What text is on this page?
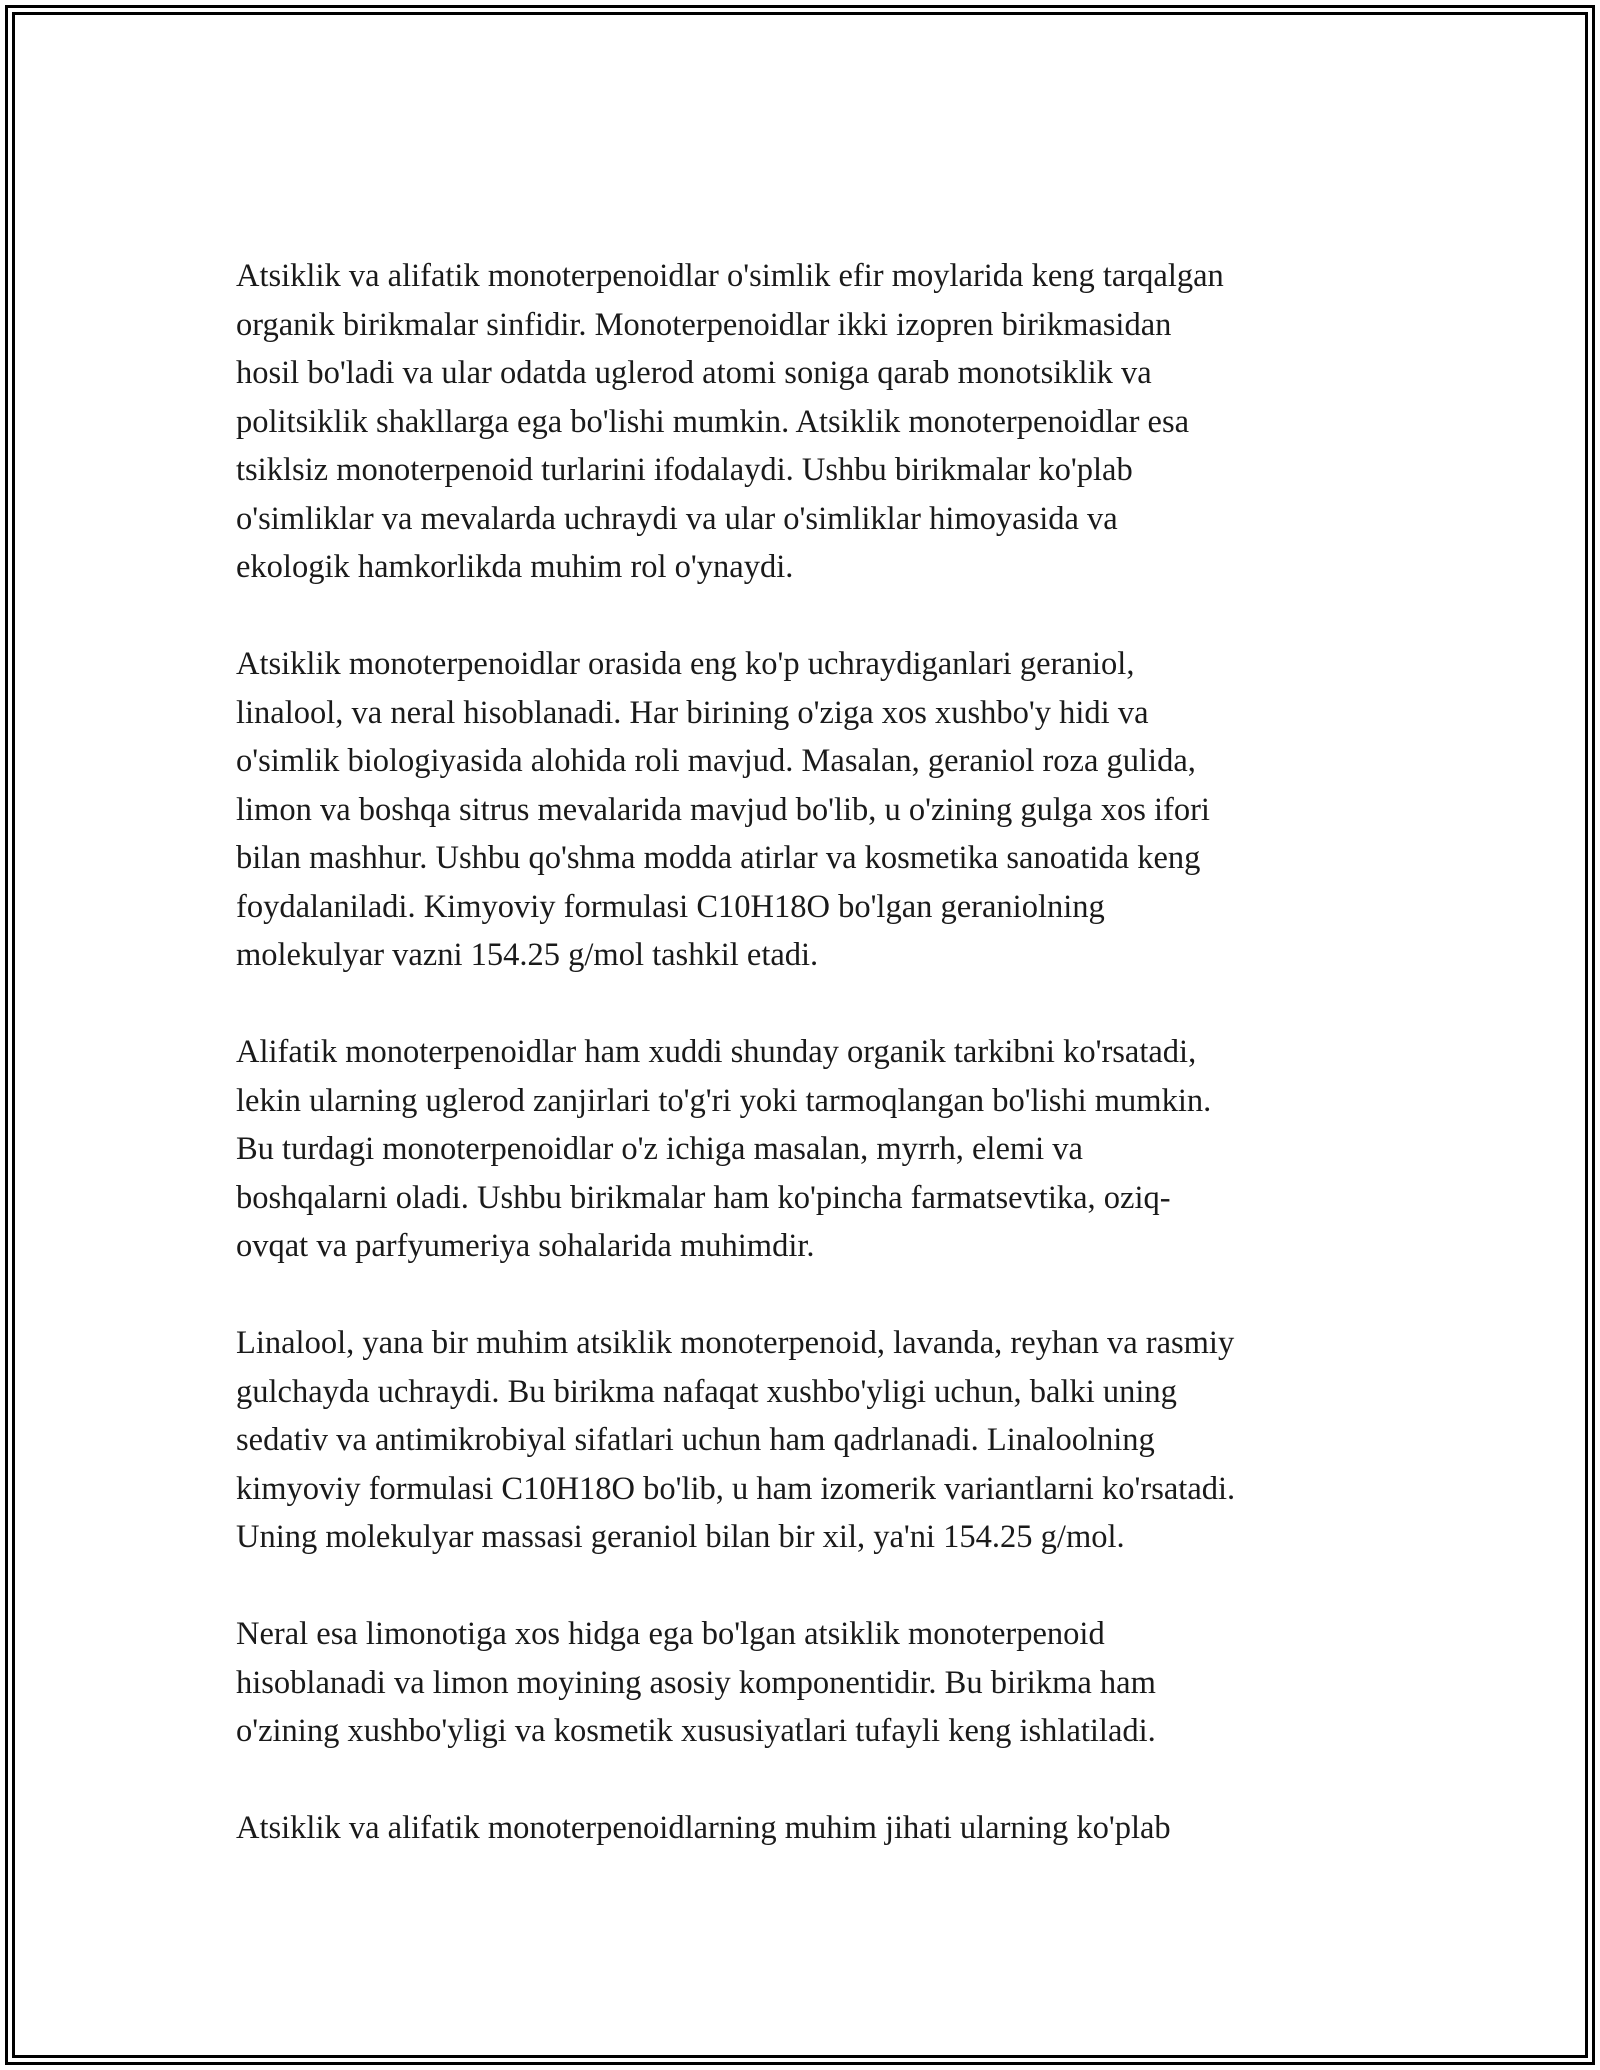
Atsiklik va alifatik monoterpenoidlar o'simlik efir moylarida keng tarqalgan
organik birikmalar sinfidir. Monoterpenoidlar ikki izopren birikmasidan
hosil bo'ladi va ular odatda uglerod atomi soniga qarab monotsiklik va
politsiklik shakllarga ega bo'lishi mumkin. Atsiklik monoterpenoidlar esa
tsiklsiz monoterpenoid turlarini ifodalaydi. Ushbu birikmalar ko'plab
o'simliklar va mevalarda uchraydi va ular o'simliklar himoyasida va
ekologik hamkorlikda muhim rol o'ynaydi.

Atsiklik monoterpenoidlar orasida eng ko'p uchraydiganlari geraniol,
linalool, va neral hisoblanadi. Har birining o'ziga xos xushbo'y hidi va
o'simlik biologiyasida alohida roli mavjud. Masalan, geraniol roza gulida,
limon va boshqa sitrus mevalarida mavjud bo'lib, u o'zining gulga xos ifori
bilan mashhur. Ushbu qo'shma modda atirlar va kosmetika sanoatida keng
foydalaniladi. Kimyoviy formulasi C10H18O bo'lgan geraniolning
molekulyar vazni 154.25 g/mol tashkil etadi.

Alifatik monoterpenoidlar ham xuddi shunday organik tarkibni ko'rsatadi,
lekin ularning uglerod zanjirlari to'g'ri yoki tarmoqlangan bo'lishi mumkin.
Bu turdagi monoterpenoidlar o'z ichiga masalan, myrrh, elemi va
boshqalarni oladi. Ushbu birikmalar ham ko'pincha farmatsevtika, oziq-
ovqat va parfyumeriya sohalarida muhimdir.

Linalool, yana bir muhim atsiklik monoterpenoid, lavanda, reyhan va rasmiy
gulchayda uchraydi. Bu birikma nafaqat xushbo'yligi uchun, balki uning
sedativ va antimikrobiyal sifatlari uchun ham qadrlanadi. Linaloolning
kimyoviy formulasi C10H18O bo'lib, u ham izomerik variantlarni ko'rsatadi.
Uning molekulyar massasi geraniol bilan bir xil, ya'ni 154.25 g/mol.

Neral esa limonotiga xos hidga ega bo'lgan atsiklik monoterpenoid
hisoblanadi va limon moyining asosiy komponentidir. Bu birikma ham
o'zining xushbo'yligi va kosmetik xususiyatlari tufayli keng ishlatiladi.

Atsiklik va alifatik monoterpenoidlarning muhim jihati ularning ko'plab
